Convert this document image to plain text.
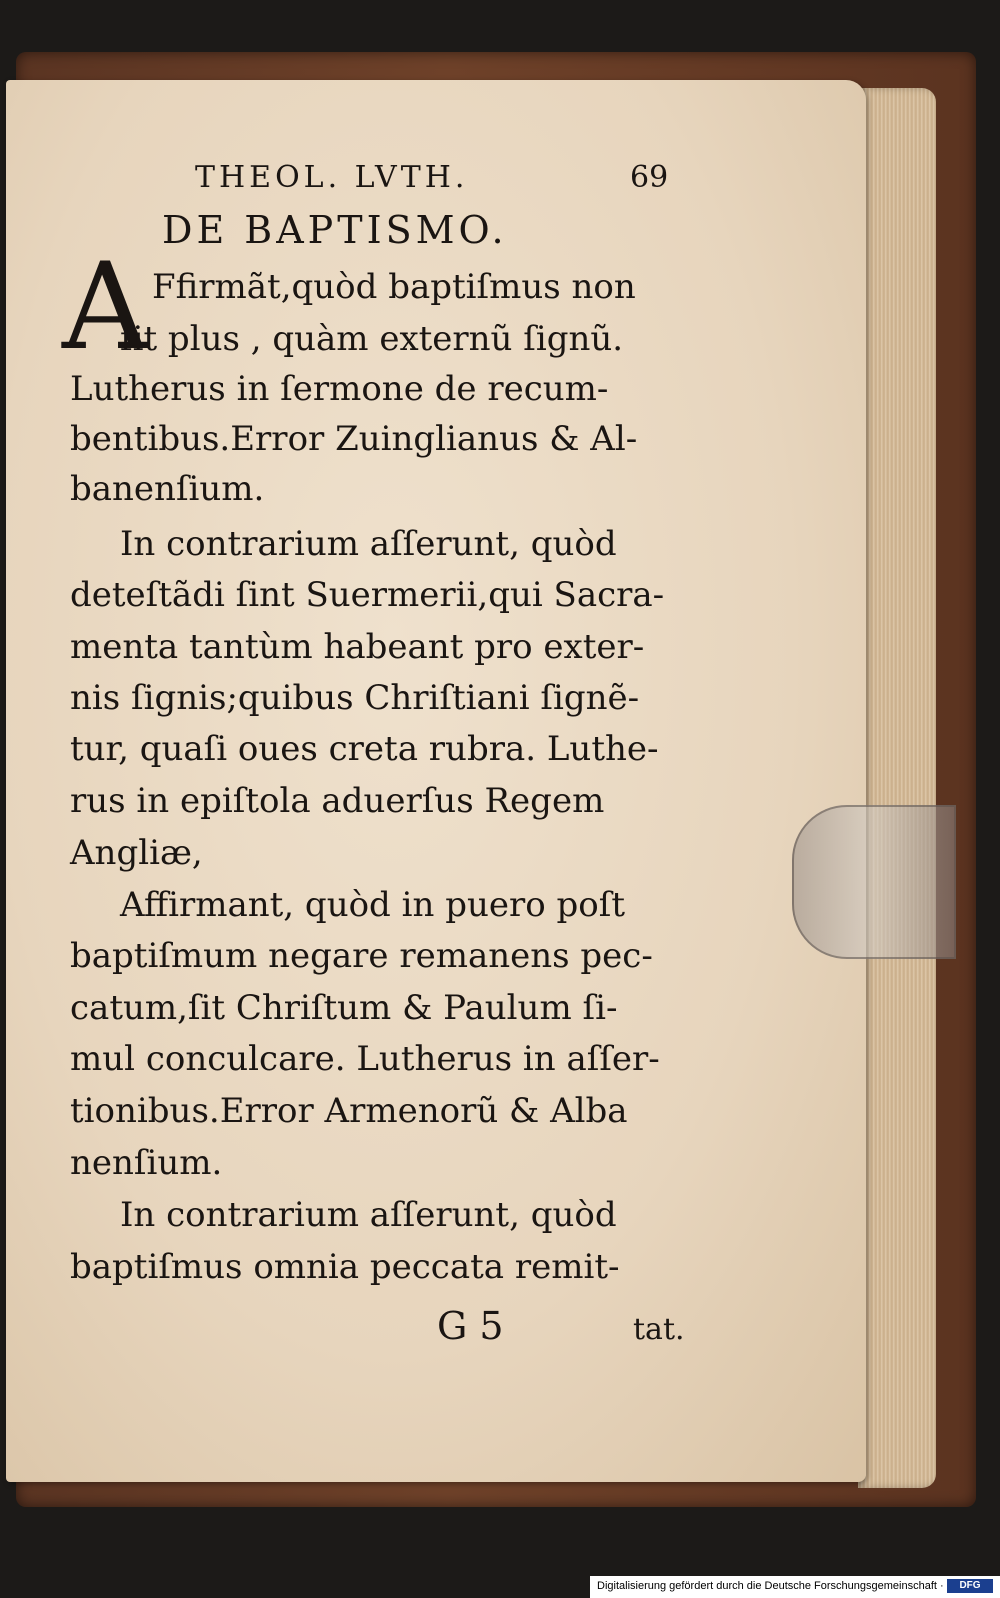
THEOL. LVTH.	69
DE BAPTISMO.
A Ffirmãt,quòd baptiſmus non
ſit plus , quàm externũ ſignũ.
Lutherus in ſermone de recum-
bentibus.Error Zuinglianus & Al-
banenſium.
In contrarium aſſerunt, quòd
deteſtãdi ſint Suermerii,qui Sacra-
menta tantùm habeant pro exter-
nis ſignis;quibus Chriſtiani ſignẽ-
tur, quaſi oues creta rubra. Luthe-
rus in epiſtola aduerſus Regem
Angliæ,
Affirmant, quòd in puero poſt
baptiſmum negare remanens pec-
catum,ſit Chriſtum & Paulum ſi-
mul conculcare. Lutherus in aſſer-
tionibus.Error Armenorũ & Alba
nenſium.
In contrarium aſſerunt, quòd
baptiſmus omnia peccata remit-
G 5	tat.
Digitalisierung gefördert durch die Deutsche Forschungsgemeinschaft ·	DFG
